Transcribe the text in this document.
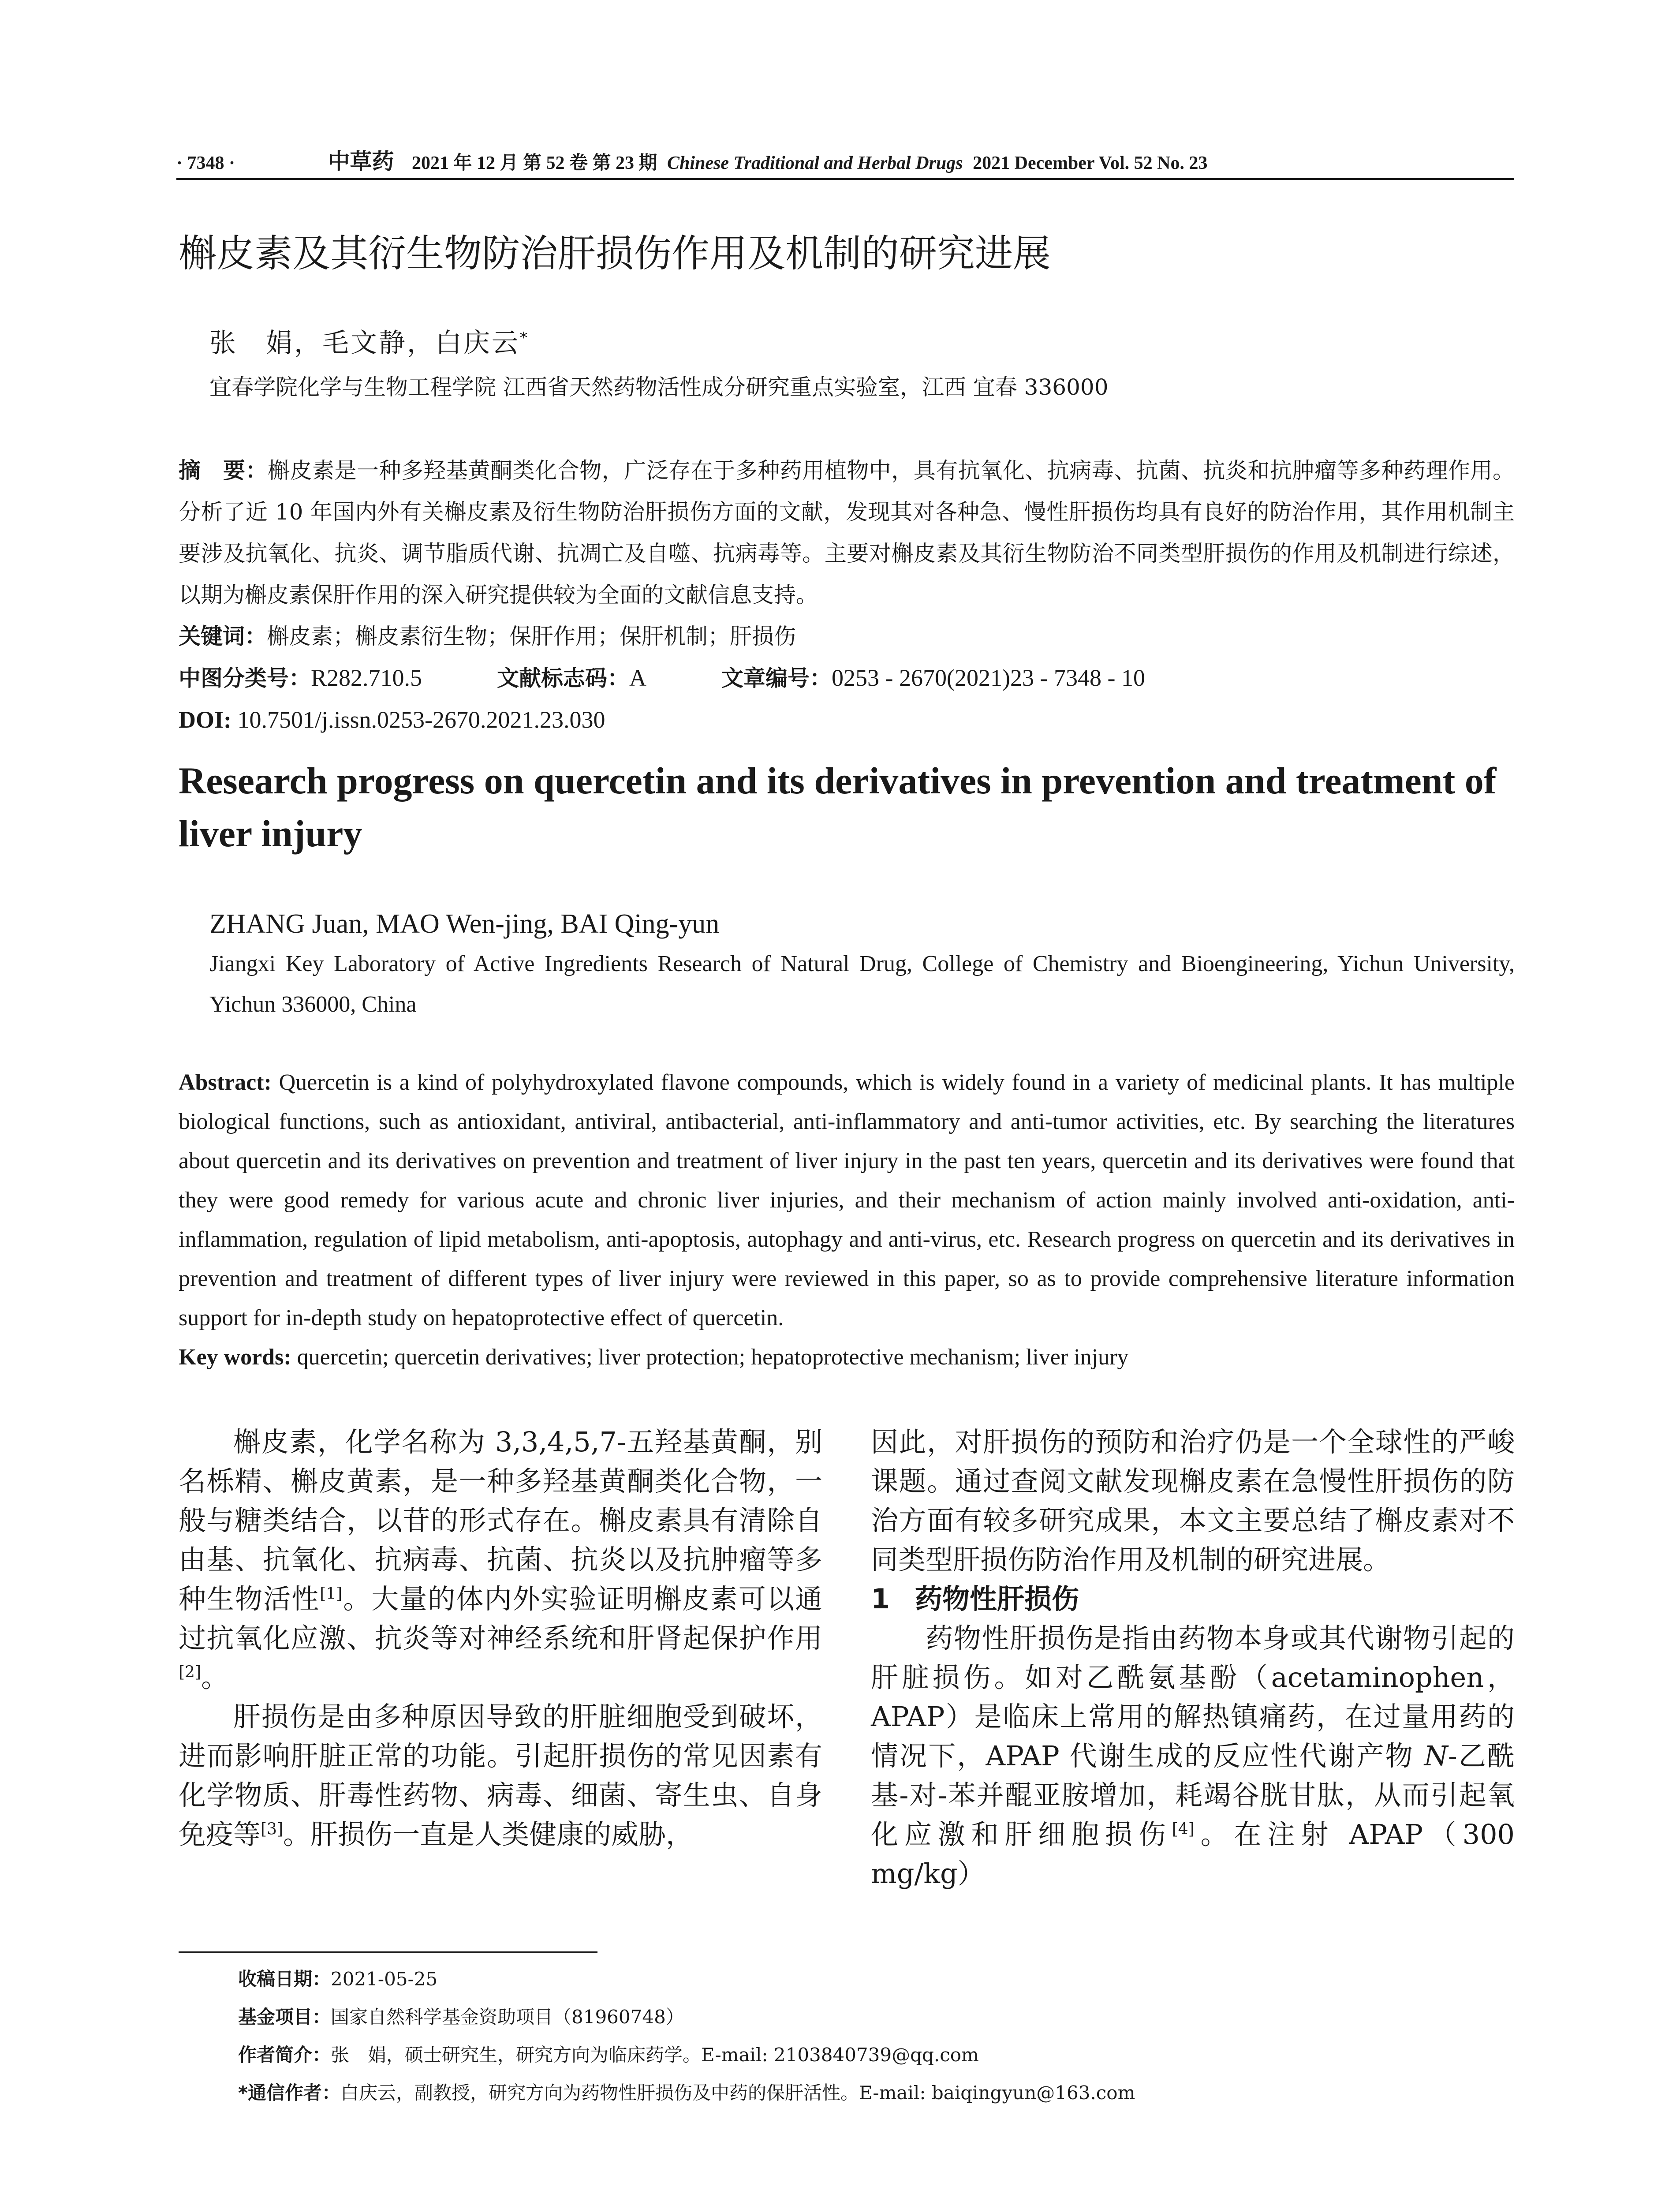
· 7348 ·	中草药 2021 年 12 月 第 52 卷 第 23 期 Chinese Traditional and Herbal Drugs 2021 December Vol. 52 No. 23
槲皮素及其衍生物防治肝损伤作用及机制的研究进展
张　娟，毛文静，白庆云*
宜春学院化学与生物工程学院 江西省天然药物活性成分研究重点实验室，江西 宜春 336000

摘　要：槲皮素是一种多羟基黄酮类化合物，广泛存在于多种药用植物中，具有抗氧化、抗病毒、抗菌、抗炎和抗肿瘤等多种药理作用。分析了近 10 年国内外有关槲皮素及衍生物防治肝损伤方面的文献，发现其对各种急、慢性肝损伤均具有良好的防治作用，其作用机制主要涉及抗氧化、抗炎、调节脂质代谢、抗凋亡及自噬、抗病毒等。主要对槲皮素及其衍生物防治不同类型肝损伤的作用及机制进行综述，以期为槲皮素保肝作用的深入研究提供较为全面的文献信息支持。

关键词：槲皮素；槲皮素衍生物；保肝作用；保肝机制；肝损伤

中图分类号：R282.710.5	文献标志码：A	文章编号：0253 - 2670(2021)23 - 7348 - 10

DOI: 10.7501/j.issn.0253-2670.2021.23.030

Research progress on quercetin and its derivatives in prevention and treatment of liver injury
ZHANG Juan, MAO Wen-jing, BAI Qing-yun
Jiangxi Key Laboratory of Active Ingredients Research of Natural Drug, College of Chemistry and Bioengineering, Yichun University, Yichun 336000, China

Abstract: Quercetin is a kind of polyhydroxylated flavone compounds, which is widely found in a variety of medicinal plants. It has multiple biological functions, such as antioxidant, antiviral, antibacterial, anti-inflammatory and anti-tumor activities, etc. By searching the literatures about quercetin and its derivatives on prevention and treatment of liver injury in the past ten years, quercetin and its derivatives were found that they were good remedy for various acute and chronic liver injuries, and their mechanism of action mainly involved anti-oxidation, anti-inflammation, regulation of lipid metabolism, anti-apoptosis, autophagy and anti-virus, etc. Research progress on quercetin and its derivatives in prevention and treatment of different types of liver injury were reviewed in this paper, so as to provide comprehensive literature information support for in-depth study on hepatoprotective effect of quercetin.

Key words: quercetin; quercetin derivatives; liver protection; hepatoprotective mechanism; liver injury

槲皮素，化学名称为 3,3,4,5,7-五羟基黄酮，别名栎精、槲皮黄素，是一种多羟基黄酮类化合物，一般与糖类结合，以苷的形式存在。槲皮素具有清除自由基、抗氧化、抗病毒、抗菌、抗炎以及抗肿瘤等多种生物活性[1]。大量的体内外实验证明槲皮素可以通过抗氧化应激、抗炎等对神经系统和肝肾起保护作用[2]。

肝损伤是由多种原因导致的肝脏细胞受到破坏，进而影响肝脏正常的功能。引起肝损伤的常见因素有化学物质、肝毒性药物、病毒、细菌、寄生虫、自身免疫等[3]。肝损伤一直是人类健康的威胁，

因此，对肝损伤的预防和治疗仍是一个全球性的严峻课题。通过查阅文献发现槲皮素在急慢性肝损伤的防治方面有较多研究成果，本文主要总结了槲皮素对不同类型肝损伤防治作用及机制的研究进展。

1 药物性肝损伤

药物性肝损伤是指由药物本身或其代谢物引起的肝脏损伤。如对乙酰氨基酚（acetaminophen，APAP）是临床上常用的解热镇痛药，在过量用药的情况下，APAP 代谢生成的反应性代谢产物 N-乙酰基-对-苯并醌亚胺增加，耗竭谷胱甘肽，从而引起氧化应激和肝细胞损伤[4]。在注射 APAP（300 mg/kg）

收稿日期：2021-05-25

基金项目：国家自然科学基金资助项目（81960748）

作者简介：张　娟，硕士研究生，研究方向为临床药学。E-mail: 2103840739@qq.com

*通信作者：白庆云，副教授，研究方向为药物性肝损伤及中药的保肝活性。E-mail: baiqingyun@163.com
